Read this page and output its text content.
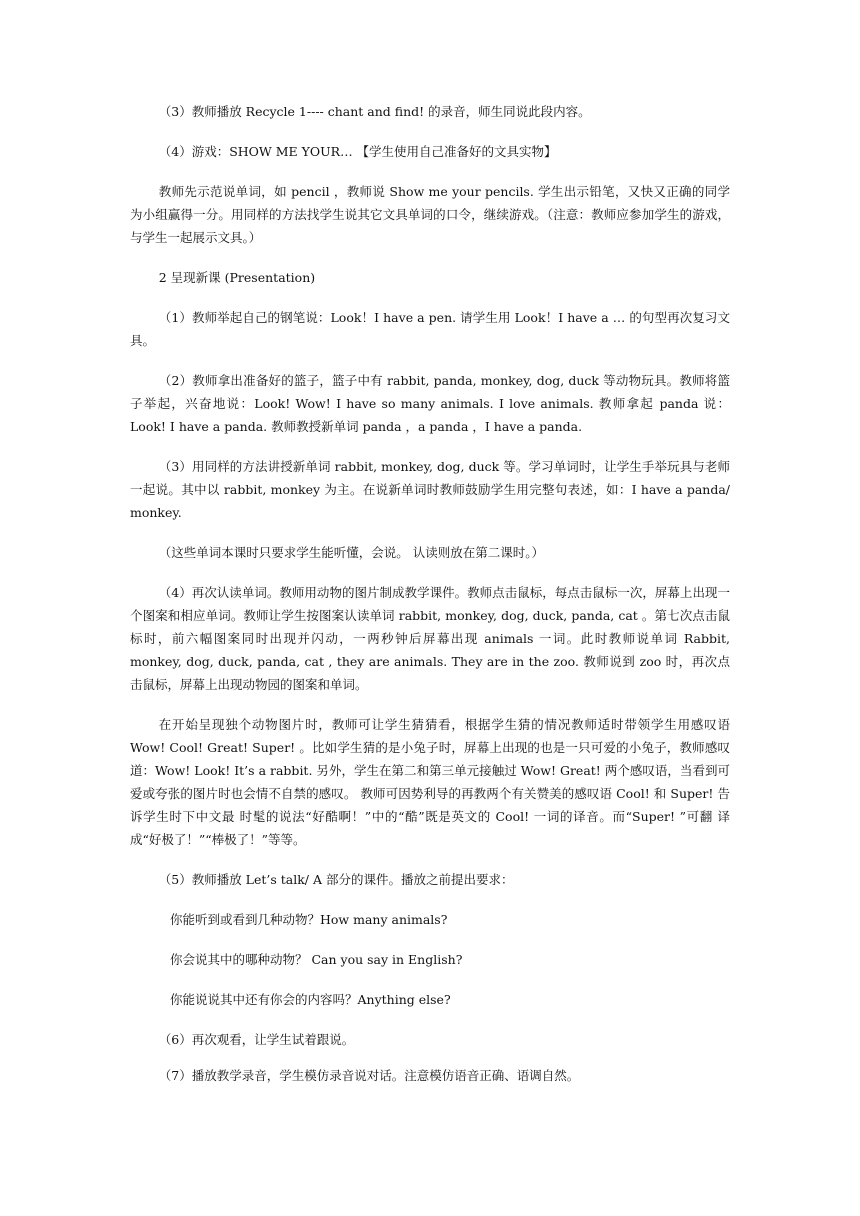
（3）教师播放 Recycle 1---- chant and find! 的录音，师生同说此段内容。

（4）游戏：SHOW ME YOUR… 【学生使用自己准备好的文具实物】

教师先示范说单词，如 pencil ，教师说 Show me your pencils. 学生出示铅笔，又快又正确的同学为小组赢得一分。用同样的方法找学生说其它文具单词的口令，继续游戏。（注意：教师应参加学生的游戏，与学生一起展示文具。）

2 呈现新课 (Presentation)

（1）教师举起自己的钢笔说：Look！I have a pen. 请学生用 Look！I have a … 的句型再次复习文具。

（2）教师拿出准备好的篮子，篮子中有 rabbit, panda, monkey, dog, duck 等动物玩具。教师将篮子举起，兴奋地说：Look! Wow! I have so many animals. I love animals. 教师拿起 panda 说：Look! I have a panda. 教师教授新单词 panda ，a panda ，I have a panda.

（3）用同样的方法讲授新单词 rabbit, monkey, dog, duck 等。学习单词时，让学生手举玩具与老师一起说。其中以 rabbit, monkey 为主。在说新单词时教师鼓励学生用完整句表述，如：I have a panda/ monkey.

（这些单词本课时只要求学生能听懂，会说。 认读则放在第二课时。）

（4）再次认读单词。教师用动物的图片制成教学课件。教师点击鼠标，每点击鼠标一次，屏幕上出现一个图案和相应单词。教师让学生按图案认读单词 rabbit, monkey, dog, duck, panda, cat 。第七次点击鼠标时，前六幅图案同时出现并闪动，一两秒钟后屏幕出现 animals 一词。此时教师说单词 Rabbit, monkey, dog, duck, panda, cat , they are animals. They are in the zoo. 教师说到 zoo 时，再次点击鼠标，屏幕上出现动物园的图案和单词。

在开始呈现独个动物图片时，教师可让学生猜猜看，根据学生猜的情况教师适时带领学生用感叹语 Wow! Cool! Great! Super! 。比如学生猜的是小兔子时，屏幕上出现的也是一只可爱的小兔子，教师感叹道：Wow! Look! It’s a rabbit. 另外，学生在第二和第三单元接触过 Wow! Great! 两个感叹语，当看到可爱或夸张的图片时也会情不自禁的感叹。 教师可因势利导的再教两个有关赞美的感叹语 Cool! 和 Super! 告诉学生时下中文最 时髦的说法“好酷啊！”中的“酷”既是英文的 Cool! 一词的译音。而“Super! ”可翻 译成“好极了！”“棒极了！”等等。

（5）教师播放 Let’s talk/ A 部分的课件。播放之前提出要求：

你能听到或看到几种动物？How many animals?

你会说其中的哪种动物？ Can you say in English?

你能说说其中还有你会的内容吗？Anything else?

（6）再次观看，让学生试着跟说。

（7）播放教学录音，学生模仿录音说对话。注意模仿语音正确、语调自然。
